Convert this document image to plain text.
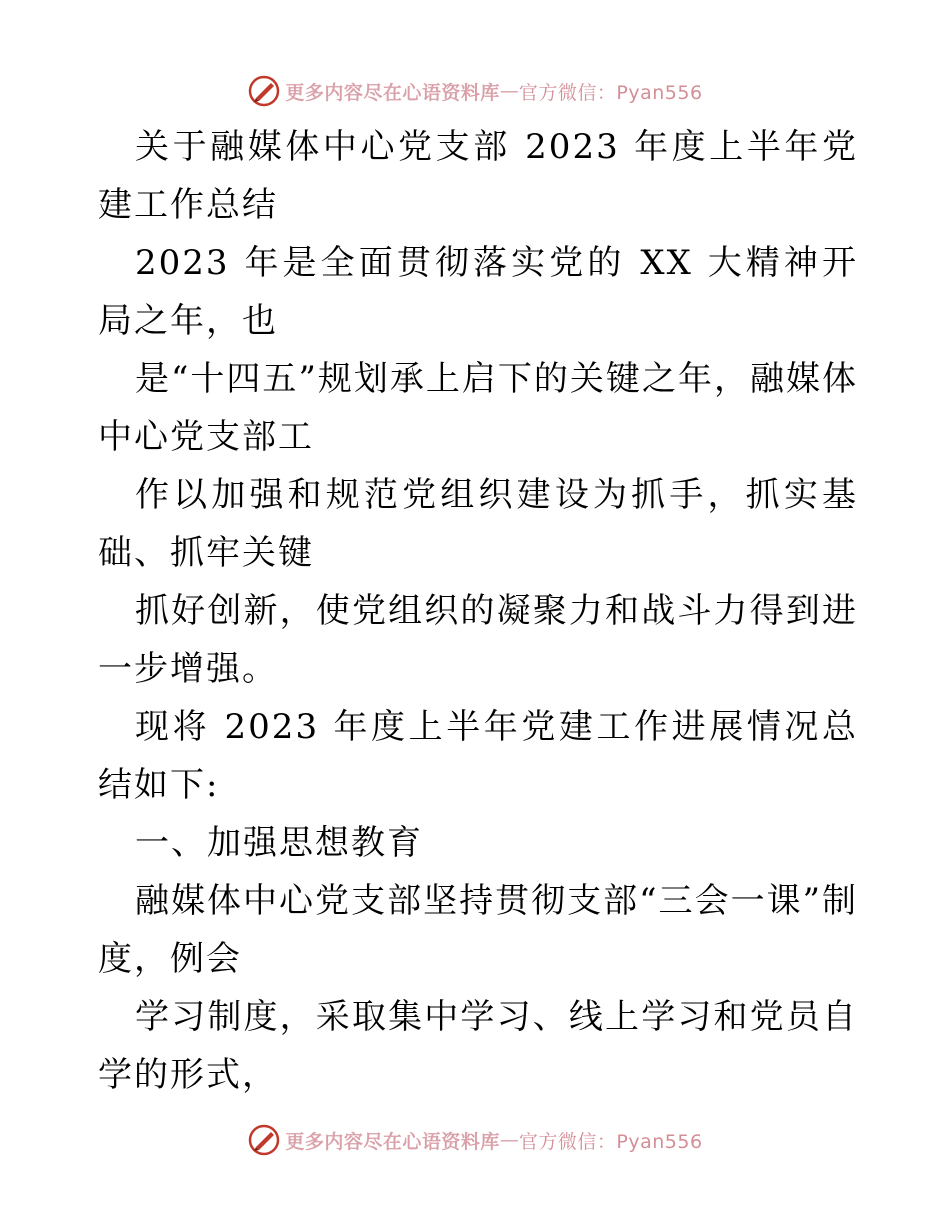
更多内容尽在心语资料库 — 官方微信：Pyan556

关于融媒体中心党支部 2023 年度上半年党建工作总结

2023 年是全面贯彻落实党的 XX 大精神开局之年，也

是“十四五”规划承上启下的关键之年，融媒体中心党支部工

作以加强和规范党组织建设为抓手，抓实基础、抓牢关键

抓好创新，使党组织的凝聚力和战斗力得到进一步增强。

现将 2023 年度上半年党建工作进展情况总结如下:

一、加强思想教育

融媒体中心党支部坚持贯彻支部“三会一课”制度，例会

学习制度，采取集中学习、线上学习和党员自学的形式，

更多内容尽在心语资料库 — 官方微信：Pyan556
